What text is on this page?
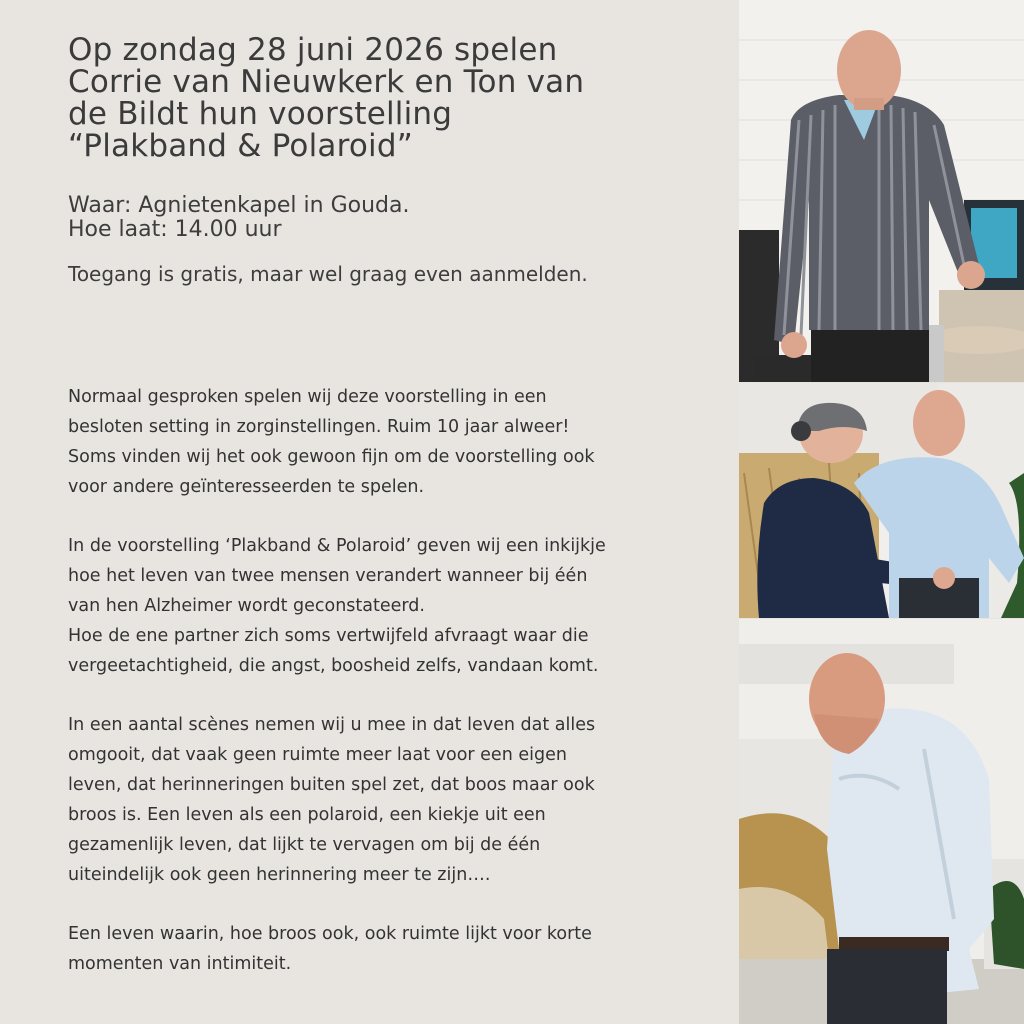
Op zondag 28 juni 2026 spelen
Corrie van Nieuwkerk en Ton van
de Bildt hun voorstelling
“Plakband & Polaroid”
Waar: Agnietenkapel in Gouda.
Hoe laat: 14.00 uur
Toegang is gratis, maar wel graag even aanmelden.

Normaal gesproken spelen wij deze voorstelling in een
besloten setting in zorginstellingen. Ruim 10 jaar alweer!
Soms vinden wij het ook gewoon fijn om de voorstelling ook
voor andere geïnteresseerden te spelen.

In de voorstelling ‘Plakband & Polaroid’ geven wij een inkijkje
hoe het leven van twee mensen verandert wanneer bij één
van hen Alzheimer wordt geconstateerd.
Hoe de ene partner zich soms vertwijfeld afvraagt waar die
vergeetachtigheid, die angst, boosheid zelfs, vandaan komt.

In een aantal scènes nemen wij u mee in dat leven dat alles
omgooit, dat vaak geen ruimte meer laat voor een eigen
leven, dat herinneringen buiten spel zet, dat boos maar ook
broos is. Een leven als een polaroid, een kiekje uit een
gezamenlijk leven, dat lijkt te vervagen om bij de één
uiteindelijk ook geen herinnering meer te zijn….

Een leven waarin, hoe broos ook, ook ruimte lijkt voor korte
momenten van intimiteit.
